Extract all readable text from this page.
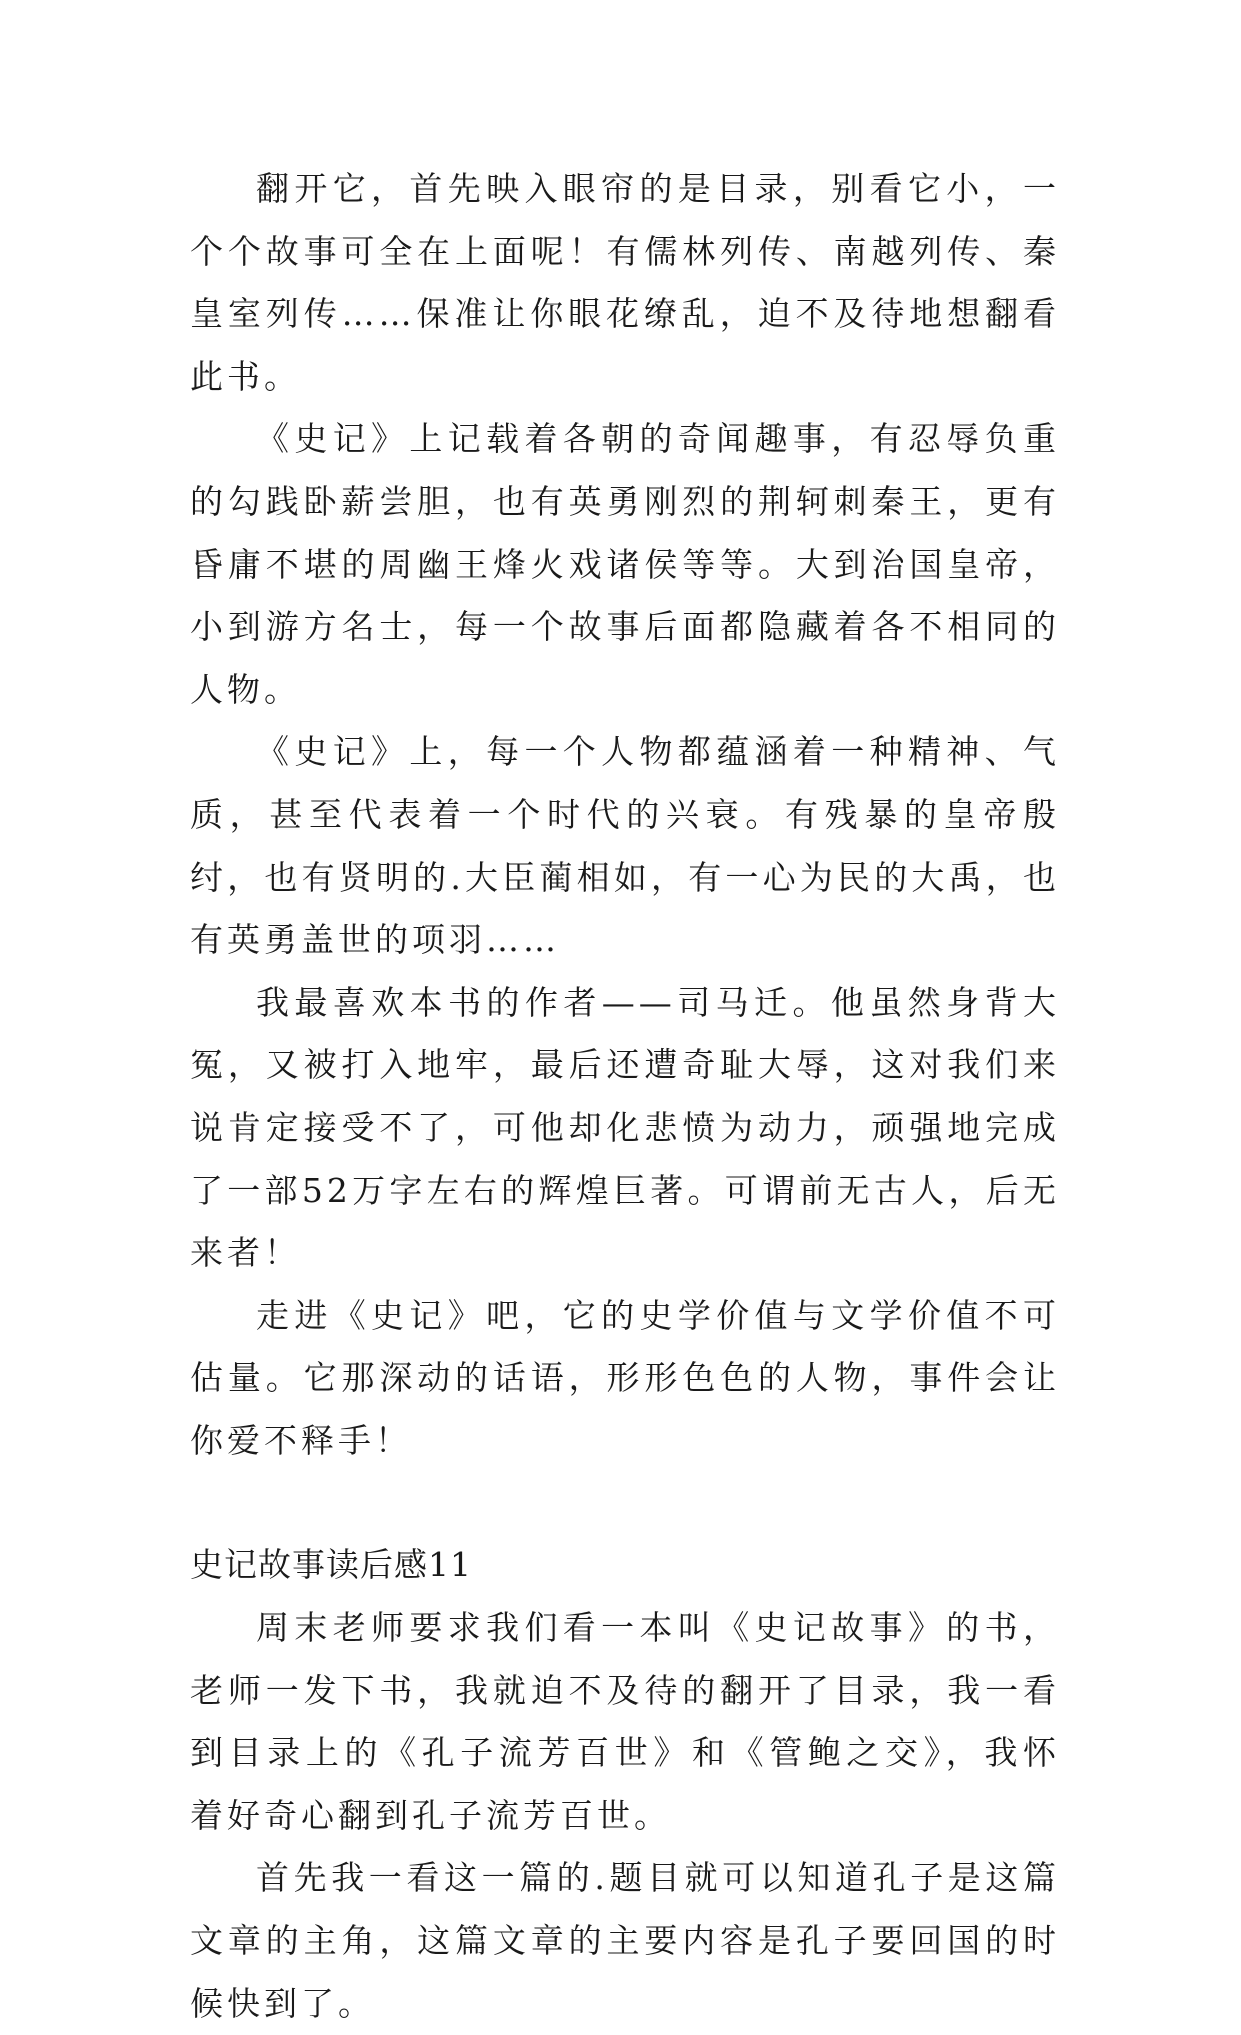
翻开它，首先映入眼帘的是目录，别看它小，一个个故事可全在上面呢！有儒林列传、南越列传、秦皇室列传……保准让你眼花缭乱，迫不及待地想翻看此书。

《史记》上记载着各朝的奇闻趣事，有忍辱负重的勾践卧薪尝胆，也有英勇刚烈的荆轲刺秦王，更有昏庸不堪的周幽王烽火戏诸侯等等。大到治国皇帝，小到游方名士，每一个故事后面都隐藏着各不相同的人物。

《史记》上，每一个人物都蕴涵着一种精神、气质，甚至代表着一个时代的兴衰。有残暴的皇帝殷纣，也有贤明的.大臣蔺相如，有一心为民的大禹，也有英勇盖世的项羽……

我最喜欢本书的作者——司马迁。他虽然身背大冤，又被打入地牢，最后还遭奇耻大辱，这对我们来说肯定接受不了，可他却化悲愤为动力，顽强地完成了一部52万字左右的辉煌巨著。可谓前无古人，后无来者！

走进《史记》吧，它的史学价值与文学价值不可估量。它那深动的话语，形形色色的人物，事件会让你爱不释手！

史记故事读后感11

周末老师要求我们看一本叫《史记故事》的书，老师一发下书，我就迫不及待的翻开了目录，我一看到目录上的《孔子流芳百世》和《管鲍之交》，我怀着好奇心翻到孔子流芳百世。

首先我一看这一篇的.题目就可以知道孔子是这篇文章的主角，这篇文章的主要内容是孔子要回国的时候快到了。
